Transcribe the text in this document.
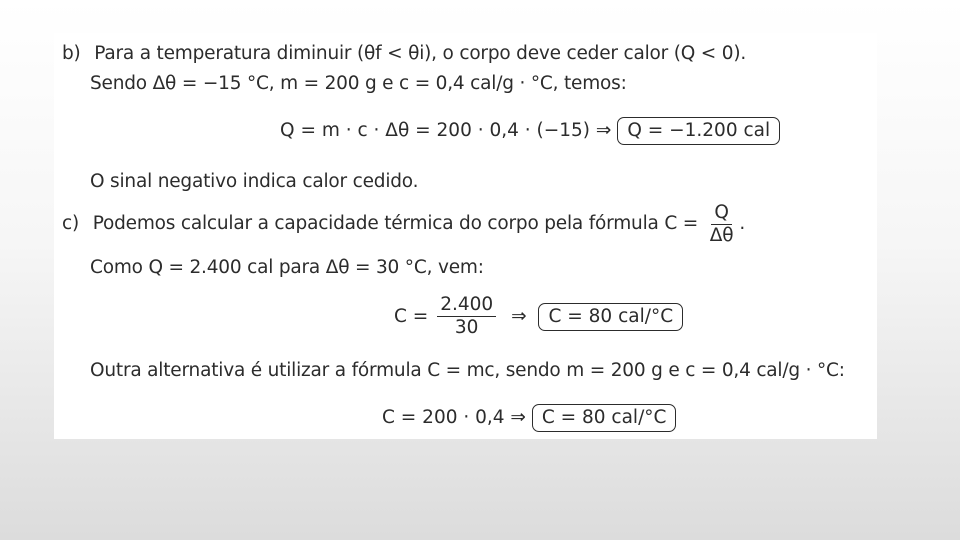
b) Para a temperatura diminuir (θf < θi), o corpo deve ceder calor (Q < 0).
Sendo Δθ = −15 °C, m = 200 g e c = 0,4 cal/g · °C, temos:
Q = m · c · Δθ = 200 · 0,4 · (−15) ⇒ Q = −1.200 cal
O sinal negativo indica calor cedido.
c) Podemos calcular a capacidade térmica do corpo pela fórmula $C = \frac{Q}{\Delta\theta}$ .
Como Q = 2.400 cal para Δθ = 30 °C, vem:
$C = \frac{2.400}{30}$ ⇒ C = 80 cal/°C
Outra alternativa é utilizar a fórmula C = mc, sendo m = 200 g e c = 0,4 cal/g · °C:
C = 200 · 0,4 ⇒ C = 80 cal/°C
